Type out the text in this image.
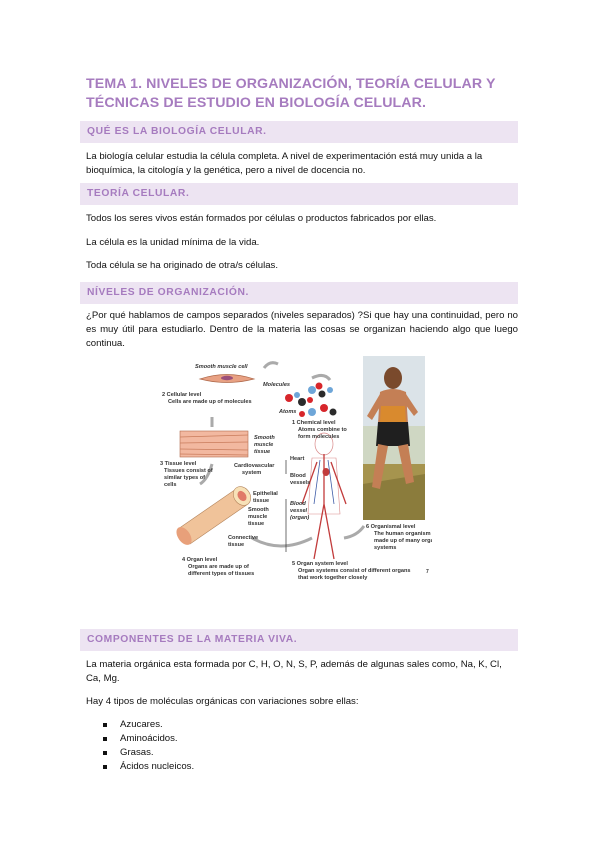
TEMA 1. NIVELES DE ORGANIZACIÓN, TEORÍA CELULAR Y TÉCNICAS DE ESTUDIO EN BIOLOGÍA CELULAR.
QUÉ ES LA BIOLOGÍA CELULAR.
La biología celular estudia la célula completa. A nivel de experimentación está muy unida a la bioquímica, la citología y la genética, pero a nivel de docencia no.
TEORÍA CELULAR.
Todos los seres vivos están formados por células o productos fabricados por ellas.
La célula es la unidad mínima de la vida.
Toda célula se ha originado de otra/s células.
NÍVELES DE ORGANIZACIÓN.
¿Por qué hablamos de campos separados (niveles separados) ?Si que hay una continuidad, pero no es muy útil para estudiarlo. Dentro de la materia las cosas se organizan haciendo algo que luego continua.
Smooth muscle cell
Molecules
Atoms
2 Cellular level
Cells are made up of molecules
1 Chemical level
Atoms combine to
form molecules
Smooth
muscle
tissue
3 Tissue level
Tissues consist of
similar types of
cells
Heart
Cardiovascular
system	Blood
vessels
Epithelial
tissue
Smooth
muscle
tissue
Blood
vessel
(organ)
Connective
tissue
6 Organismal level
The human organism is
made up of many organ
systems
4 Organ level
Organs are made up of
different types of tissues
5 Organ system level
Organ systems consist of different organs
that work together closely
7
COMPONENTES DE LA MATERIA VIVA.
La materia orgánica esta formada por C, H, O, N, S, P, además de algunas sales como, Na, K, Cl, Ca, Mg.
Hay 4 tipos de moléculas orgánicas con variaciones sobre ellas:
Azucares.
Aminoácidos.
Grasas.
Ácidos nucleicos.
